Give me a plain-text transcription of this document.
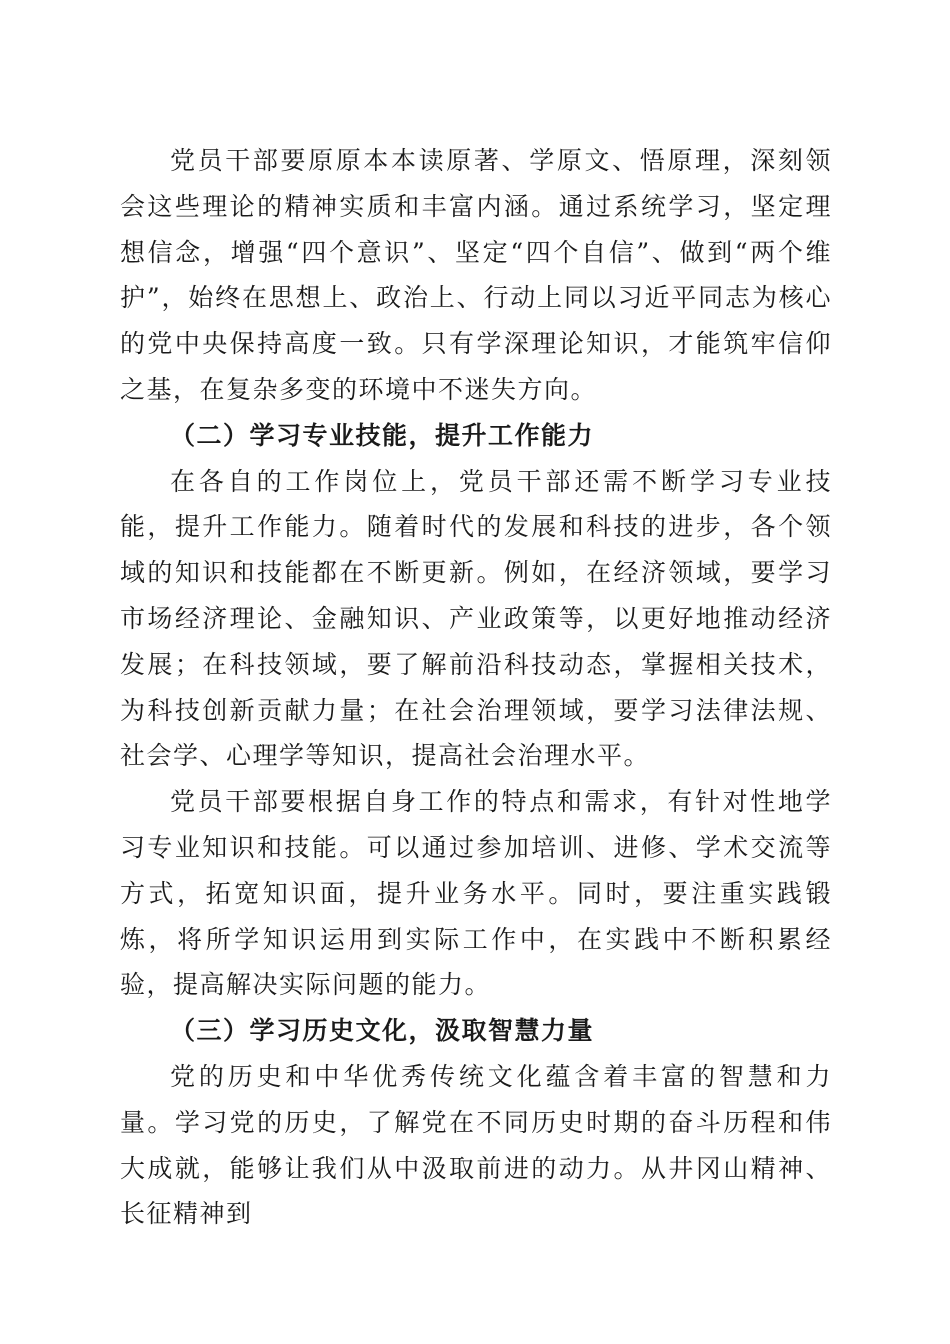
党员干部要原原本本读原著、学原文、悟原理，深刻领会这些理论的精神实质和丰富内涵。通过系统学习，坚定理想信念，增强“四个意识”、坚定“四个自信”、做到“两个维护”，始终在思想上、政治上、行动上同以习近平同志为核心的党中央保持高度一致。只有学深理论知识，才能筑牢信仰之基，在复杂多变的环境中不迷失方向。

（二）学习专业技能，提升工作能力

在各自的工作岗位上，党员干部还需不断学习专业技能，提升工作能力。随着时代的发展和科技的进步，各个领域的知识和技能都在不断更新。例如，在经济领域，要学习市场经济理论、金融知识、产业政策等，以更好地推动经济发展；在科技领域，要了解前沿科技动态，掌握相关技术，为科技创新贡献力量；在社会治理领域，要学习法律法规、社会学、心理学等知识，提高社会治理水平。

党员干部要根据自身工作的特点和需求，有针对性地学习专业知识和技能。可以通过参加培训、进修、学术交流等方式，拓宽知识面，提升业务水平。同时，要注重实践锻炼，将所学知识运用到实际工作中，在实践中不断积累经验，提高解决实际问题的能力。

（三）学习历史文化，汲取智慧力量

党的历史和中华优秀传统文化蕴含着丰富的智慧和力量。学习党的历史，了解党在不同历史时期的奋斗历程和伟大成就，能够让我们从中汲取前进的动力。从井冈山精神、长征精神到
